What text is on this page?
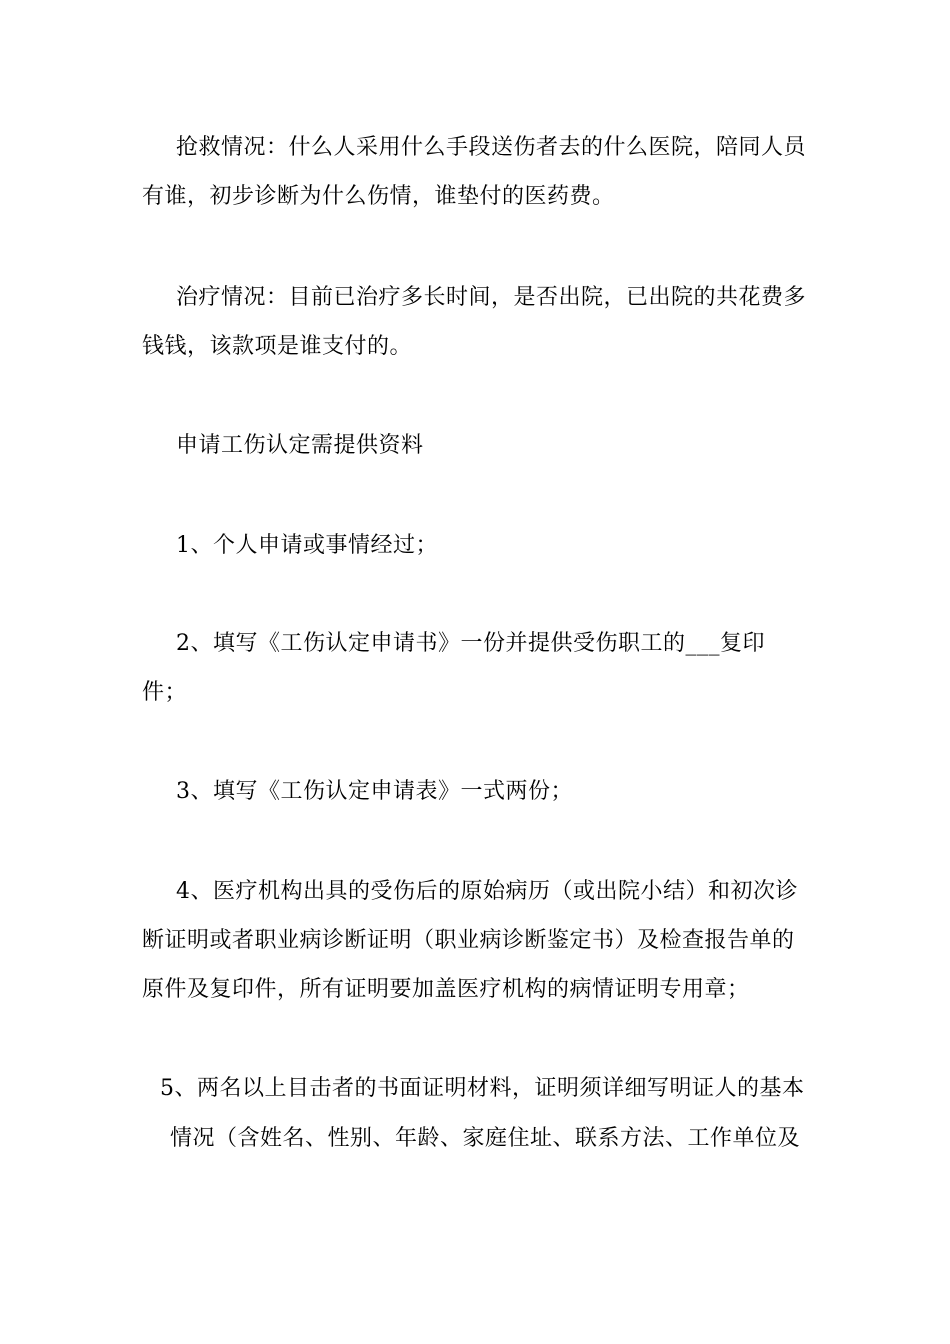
抢救情况：什么人采用什么手段送伤者去的什么医院，陪同人员
有谁，初步诊断为什么伤情，谁垫付的医药费。
治疗情况：目前已治疗多长时间，是否出院，已出院的共花费多
钱钱，该款项是谁支付的。
申请工伤认定需提供资料
1、个人申请或事情经过；
2、填写《工伤认定申请书》一份并提供受伤职工的___复印
件；
3、填写《工伤认定申请表》一式两份；
4、医疗机构出具的受伤后的原始病历（或出院小结）和初次诊
断证明或者职业病诊断证明（职业病诊断鉴定书）及检查报告单的
原件及复印件，所有证明要加盖医疗机构的病情证明专用章；
5、两名以上目击者的书面证明材料，证明须详细写明证人的基本
情况（含姓名、性别、年龄、家庭住址、联系方法、工作单位及
